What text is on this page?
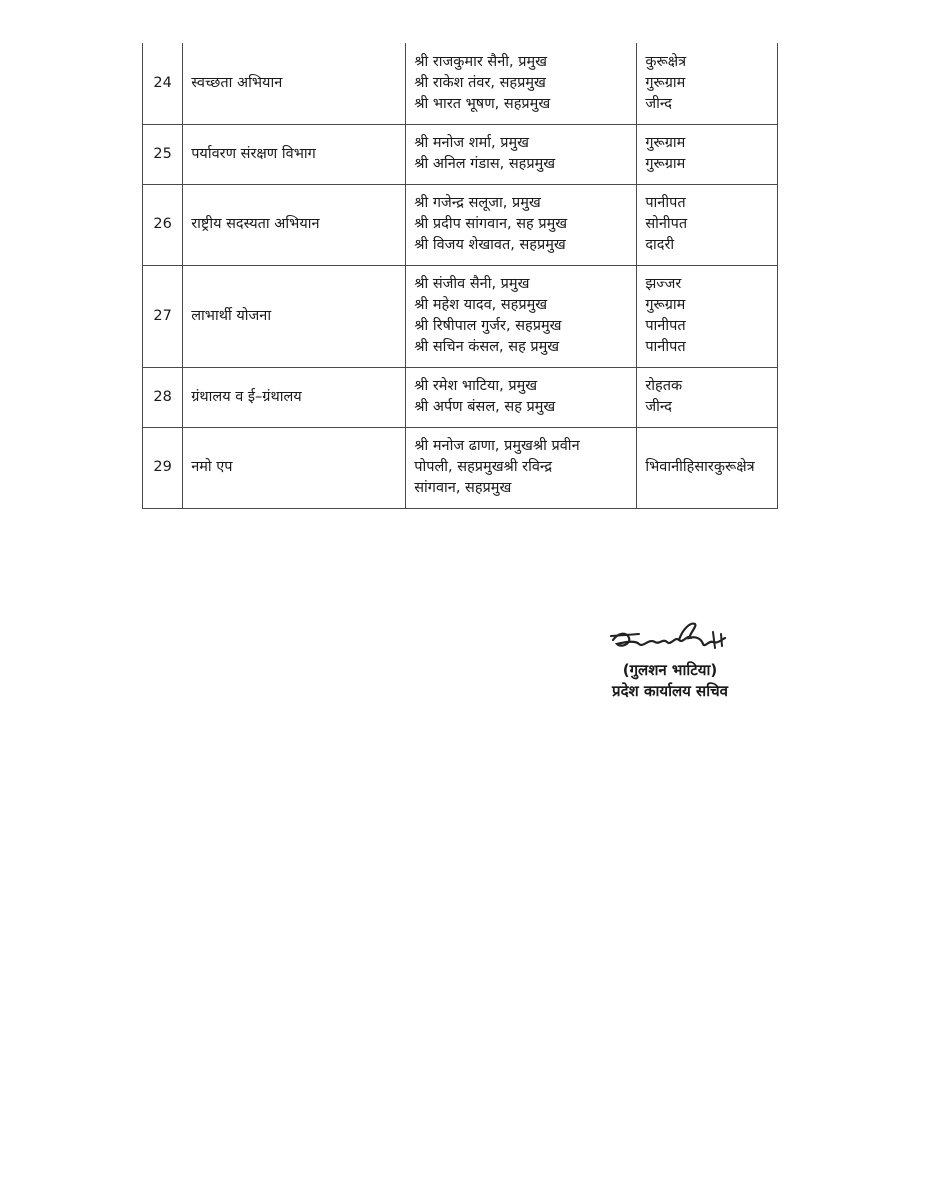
24	स्वच्छता अभियान	श्री राजकुमार सैनी, प्रमुख
श्री राकेश तंवर, सहप्रमुख
श्री भारत भूषण, सहप्रमुख	कुरूक्षेत्र
गुरूग्राम
जीन्द

25	पर्यावरण संरक्षण विभाग	श्री मनोज शर्मा, प्रमुख
श्री अनिल गंडास, सहप्रमुख	गुरूग्राम
गुरूग्राम

26	राष्ट्रीय सदस्यता अभियान	श्री गजेन्द्र सलूजा, प्रमुख
श्री प्रदीप सांगवान, सह प्रमुख
श्री विजय शेखावत, सहप्रमुख	पानीपत
सोनीपत
दादरी

27	लाभार्थी योजना	श्री संजीव सैनी, प्रमुख
श्री महेश यादव, सहप्रमुख
श्री रिषीपाल गुर्जर, सहप्रमुख
श्री सचिन कंसल, सह प्रमुख	झज्जर
गुरूग्राम
पानीपत
पानीपत

28	ग्रंथालय व ई–ग्रंथालय	श्री रमेश भाटिया, प्रमुख
श्री अर्पण बंसल, सह प्रमुख	रोहतक
जीन्द

29	नमो एप	श्री मनोज ढाणा, प्रमुखश्री प्रवीन
पोपली, सहप्रमुखश्री रविन्द्र
सांगवान, सहप्रमुख	भिवानीहिसारकुरूक्षेत्र
(गुलशन भाटिया)
प्रदेश कार्यालय सचिव
